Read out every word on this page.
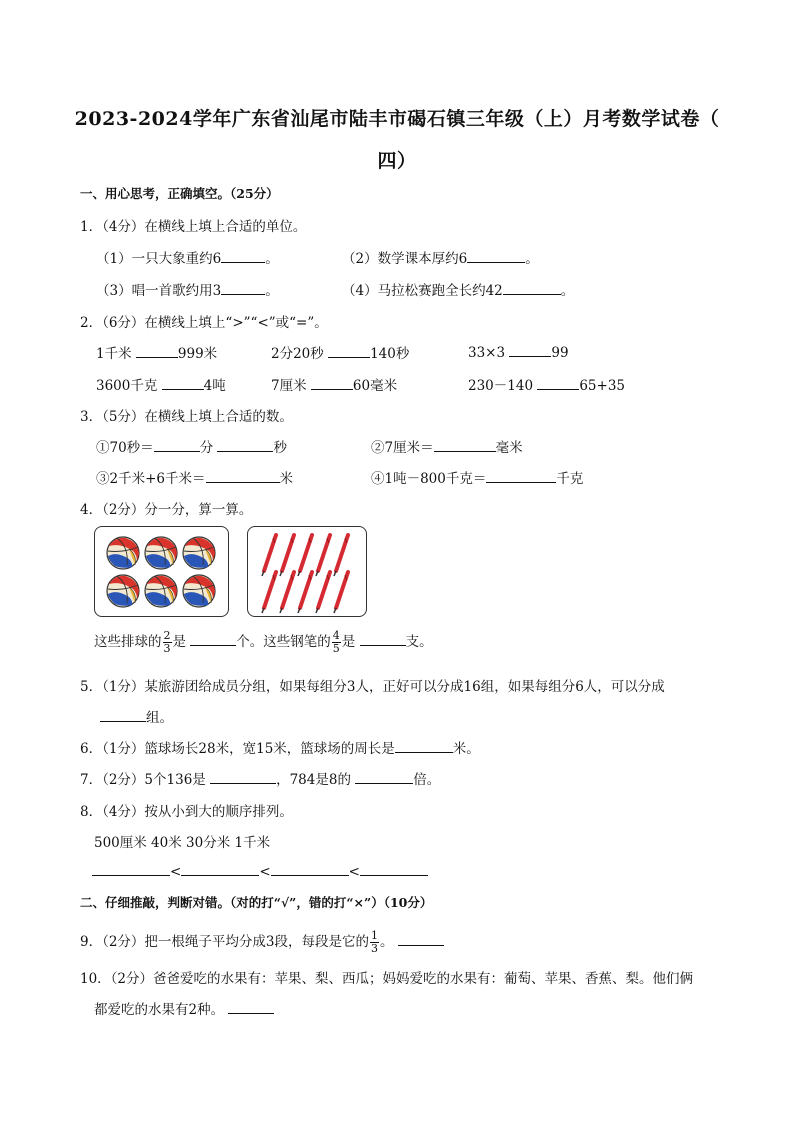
2023-2024学年广东省汕尾市陆丰市碣石镇三年级（上）月考数学试卷（
四）
一、用心思考，正确填空。（25分）
1．（4分）在横线上填上合适的单位。
（1）一只大象重约6	。	（2）数学课本厚约6	。
（3）唱一首歌约用3	。	（4）马拉松赛跑全长约42	。
2．（6分）在横线上填上“>”“<”或“=”。
1千米	999米	2分20秒	140秒	33×3	99
3600千克	4吨	7厘米	60毫米	230－140	65+35
3．（5分）在横线上填上合适的数。
①70秒＝	分	秒	②7厘米＝	毫米
③2千米+6千米＝	米	④1吨－800千克＝	千克
4．（2分）分一分，算一算。
这些排球的 $\frac{2}{3}$ 是	个。这些钢笔的 $\frac{4}{5}$ 是	支。
5．（1分）某旅游团给成员分组，如果每组分3人，正好可以分成16组，如果每组分6人，可以分成
组。
6．（1分）篮球场长28米，宽15米，篮球场的周长是	米。
7．（2分）5个136是	，784是8的	倍。
8．（4分）按从小到大的顺序排列。
500厘米 40米 30分米 1千米
<	<	<
二、仔细推敲，判断对错。（对的打“√”，错的打“×”）（10分）
9．（2分）把一根绳子平均分成3段，每段是它的 $\frac{1}{3}$ 。
10．（2分）爸爸爱吃的水果有：苹果、梨、西瓜；妈妈爱吃的水果有：葡萄、苹果、香蕉、梨。他们俩
都爱吃的水果有2种。
